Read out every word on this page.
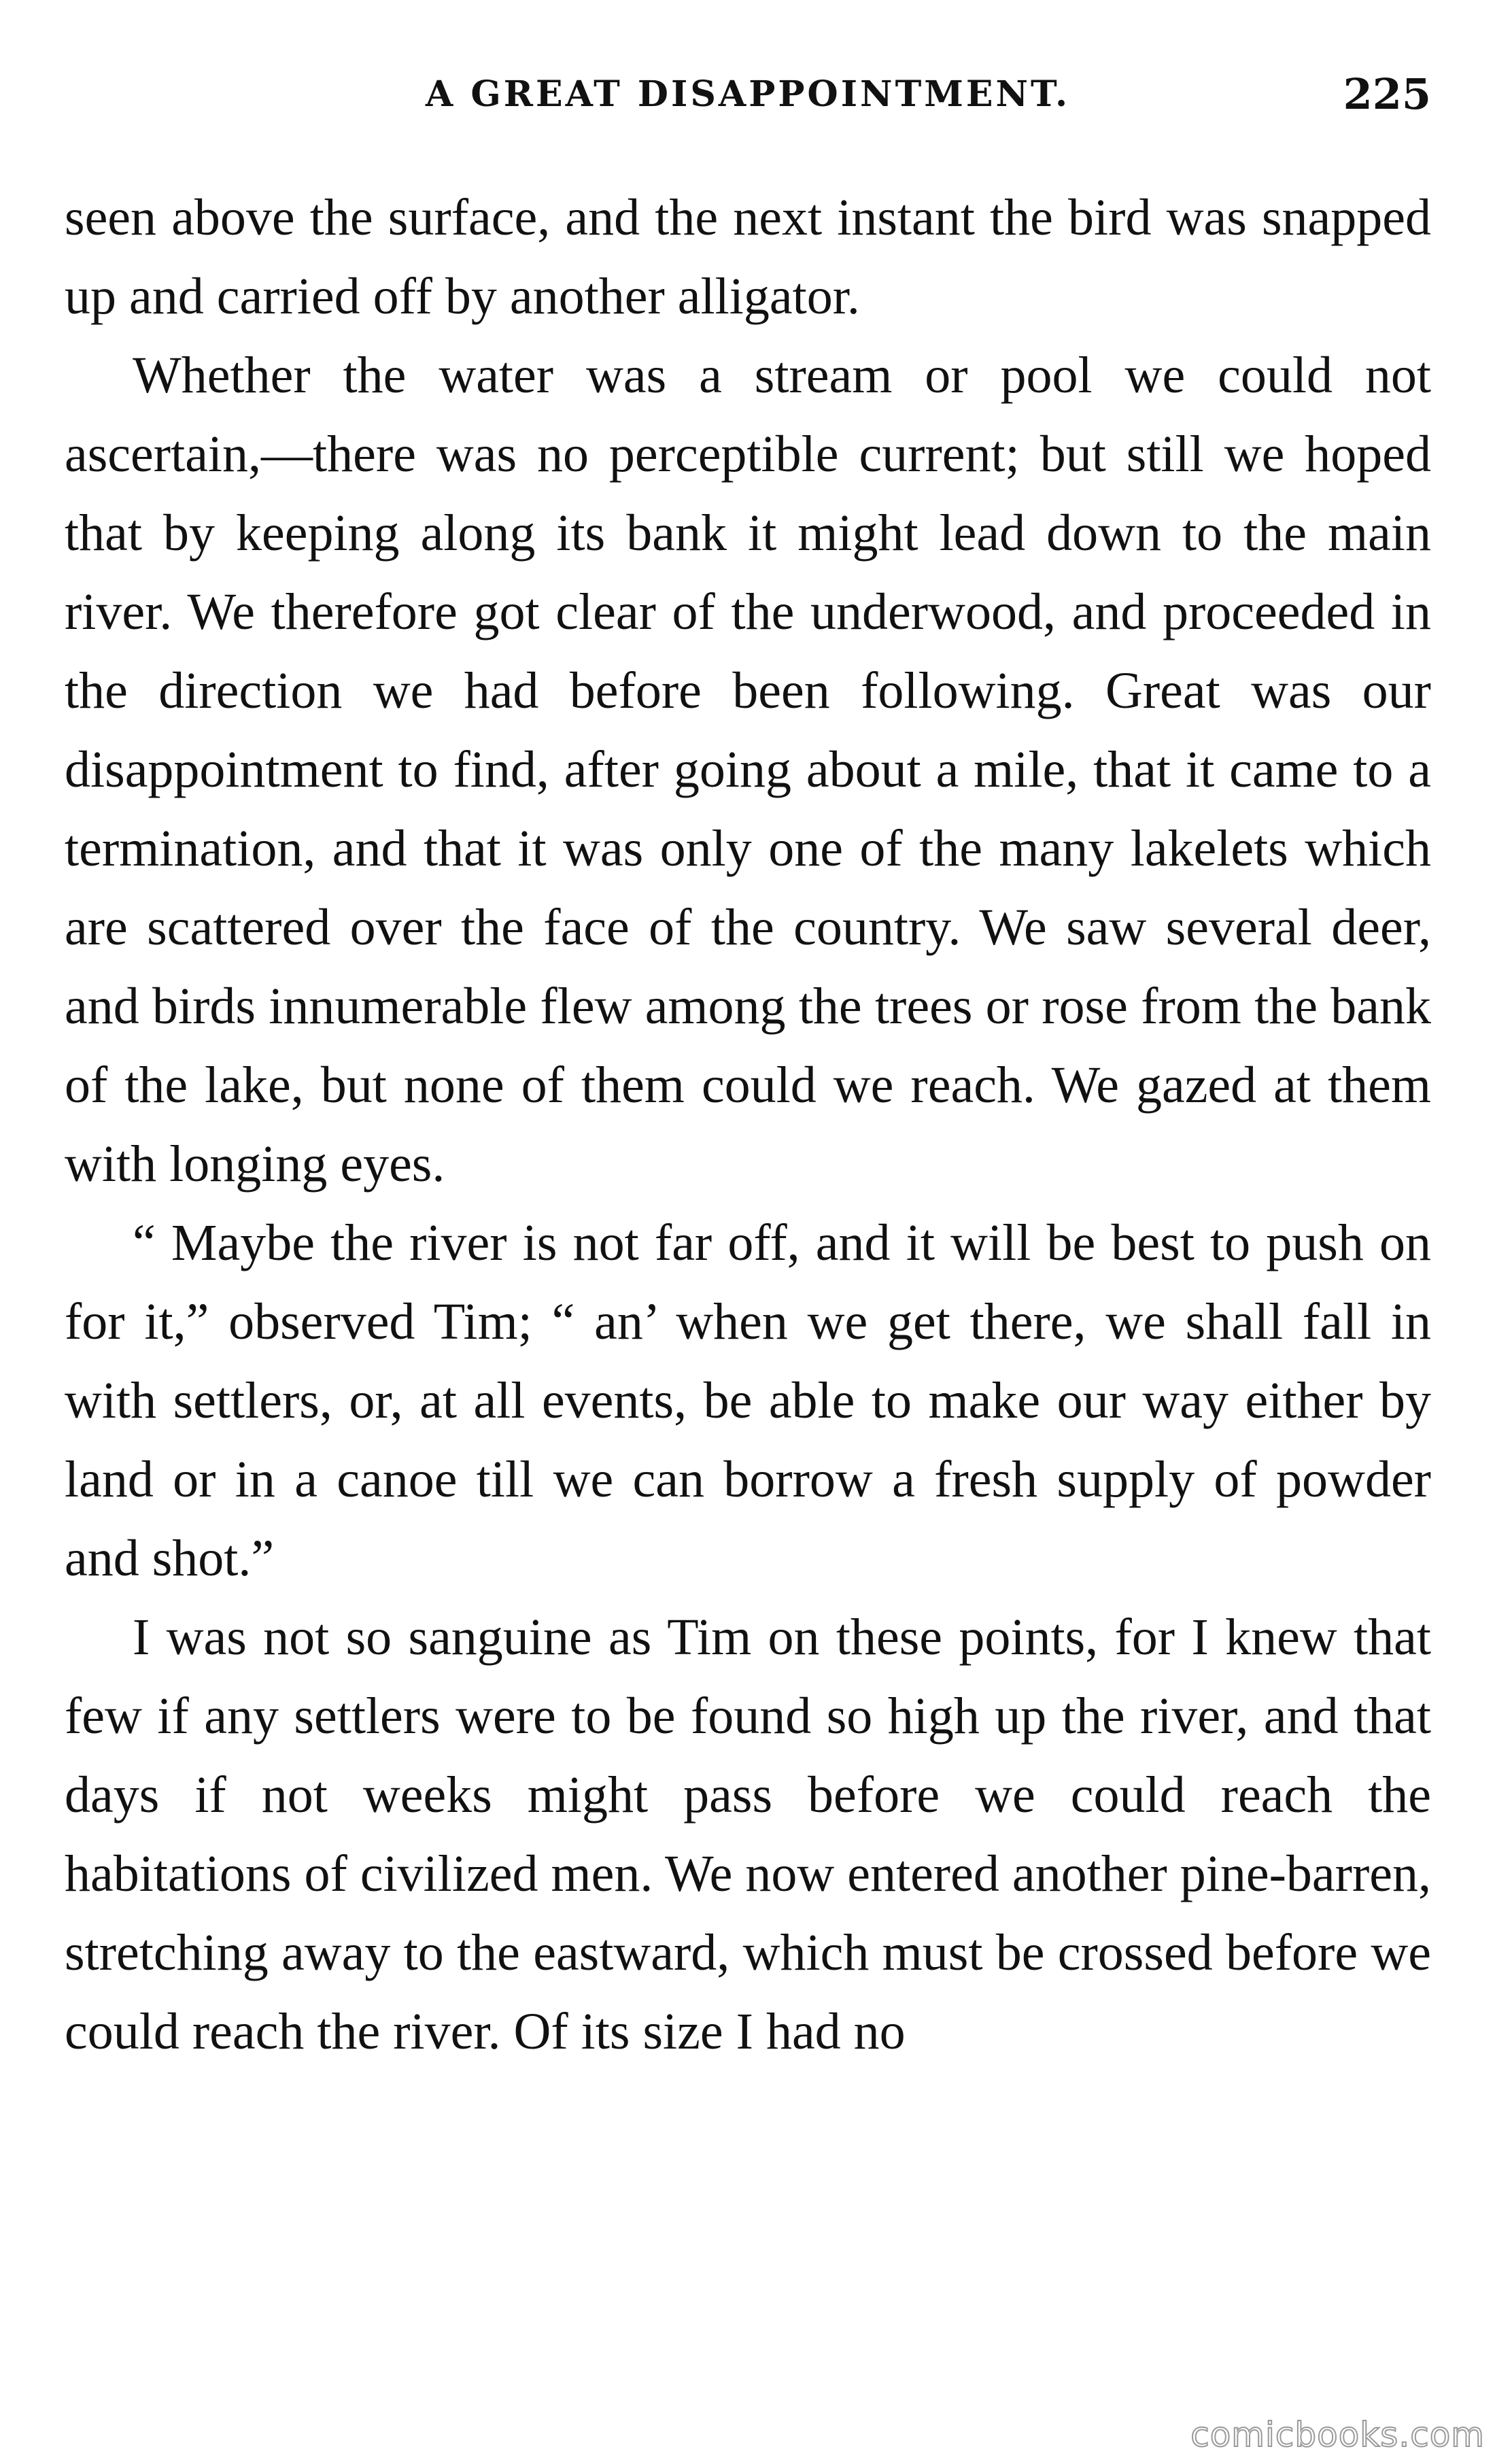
A GREAT DISAPPOINTMENT.	225

seen above the surface, and the next instant the bird was snapped up and carried off by another alligator.

Whether the water was a stream or pool we could not ascertain,—there was no perceptible current; but still we hoped that by keeping along its bank it might lead down to the main river. We therefore got clear of the underwood, and proceeded in the direction we had before been following. Great was our disappointment to find, after going about a mile, that it came to a termination, and that it was only one of the many lakelets which are scattered over the face of the country. We saw several deer, and birds innumerable flew among the trees or rose from the bank of the lake, but none of them could we reach. We gazed at them with longing eyes.

“ Maybe the river is not far off, and it will be best to push on for it,” observed Tim; “ an’ when we get there, we shall fall in with settlers, or, at all events, be able to make our way either by land or in a canoe till we can borrow a fresh supply of powder and shot.”

I was not so sanguine as Tim on these points, for I knew that few if any settlers were to be found so high up the river, and that days if not weeks might pass before we could reach the habitations of civilized men. We now entered another pine-barren, stretching away to the eastward, which must be crossed before we could reach the river. Of its size I had no

comicbooks.com
